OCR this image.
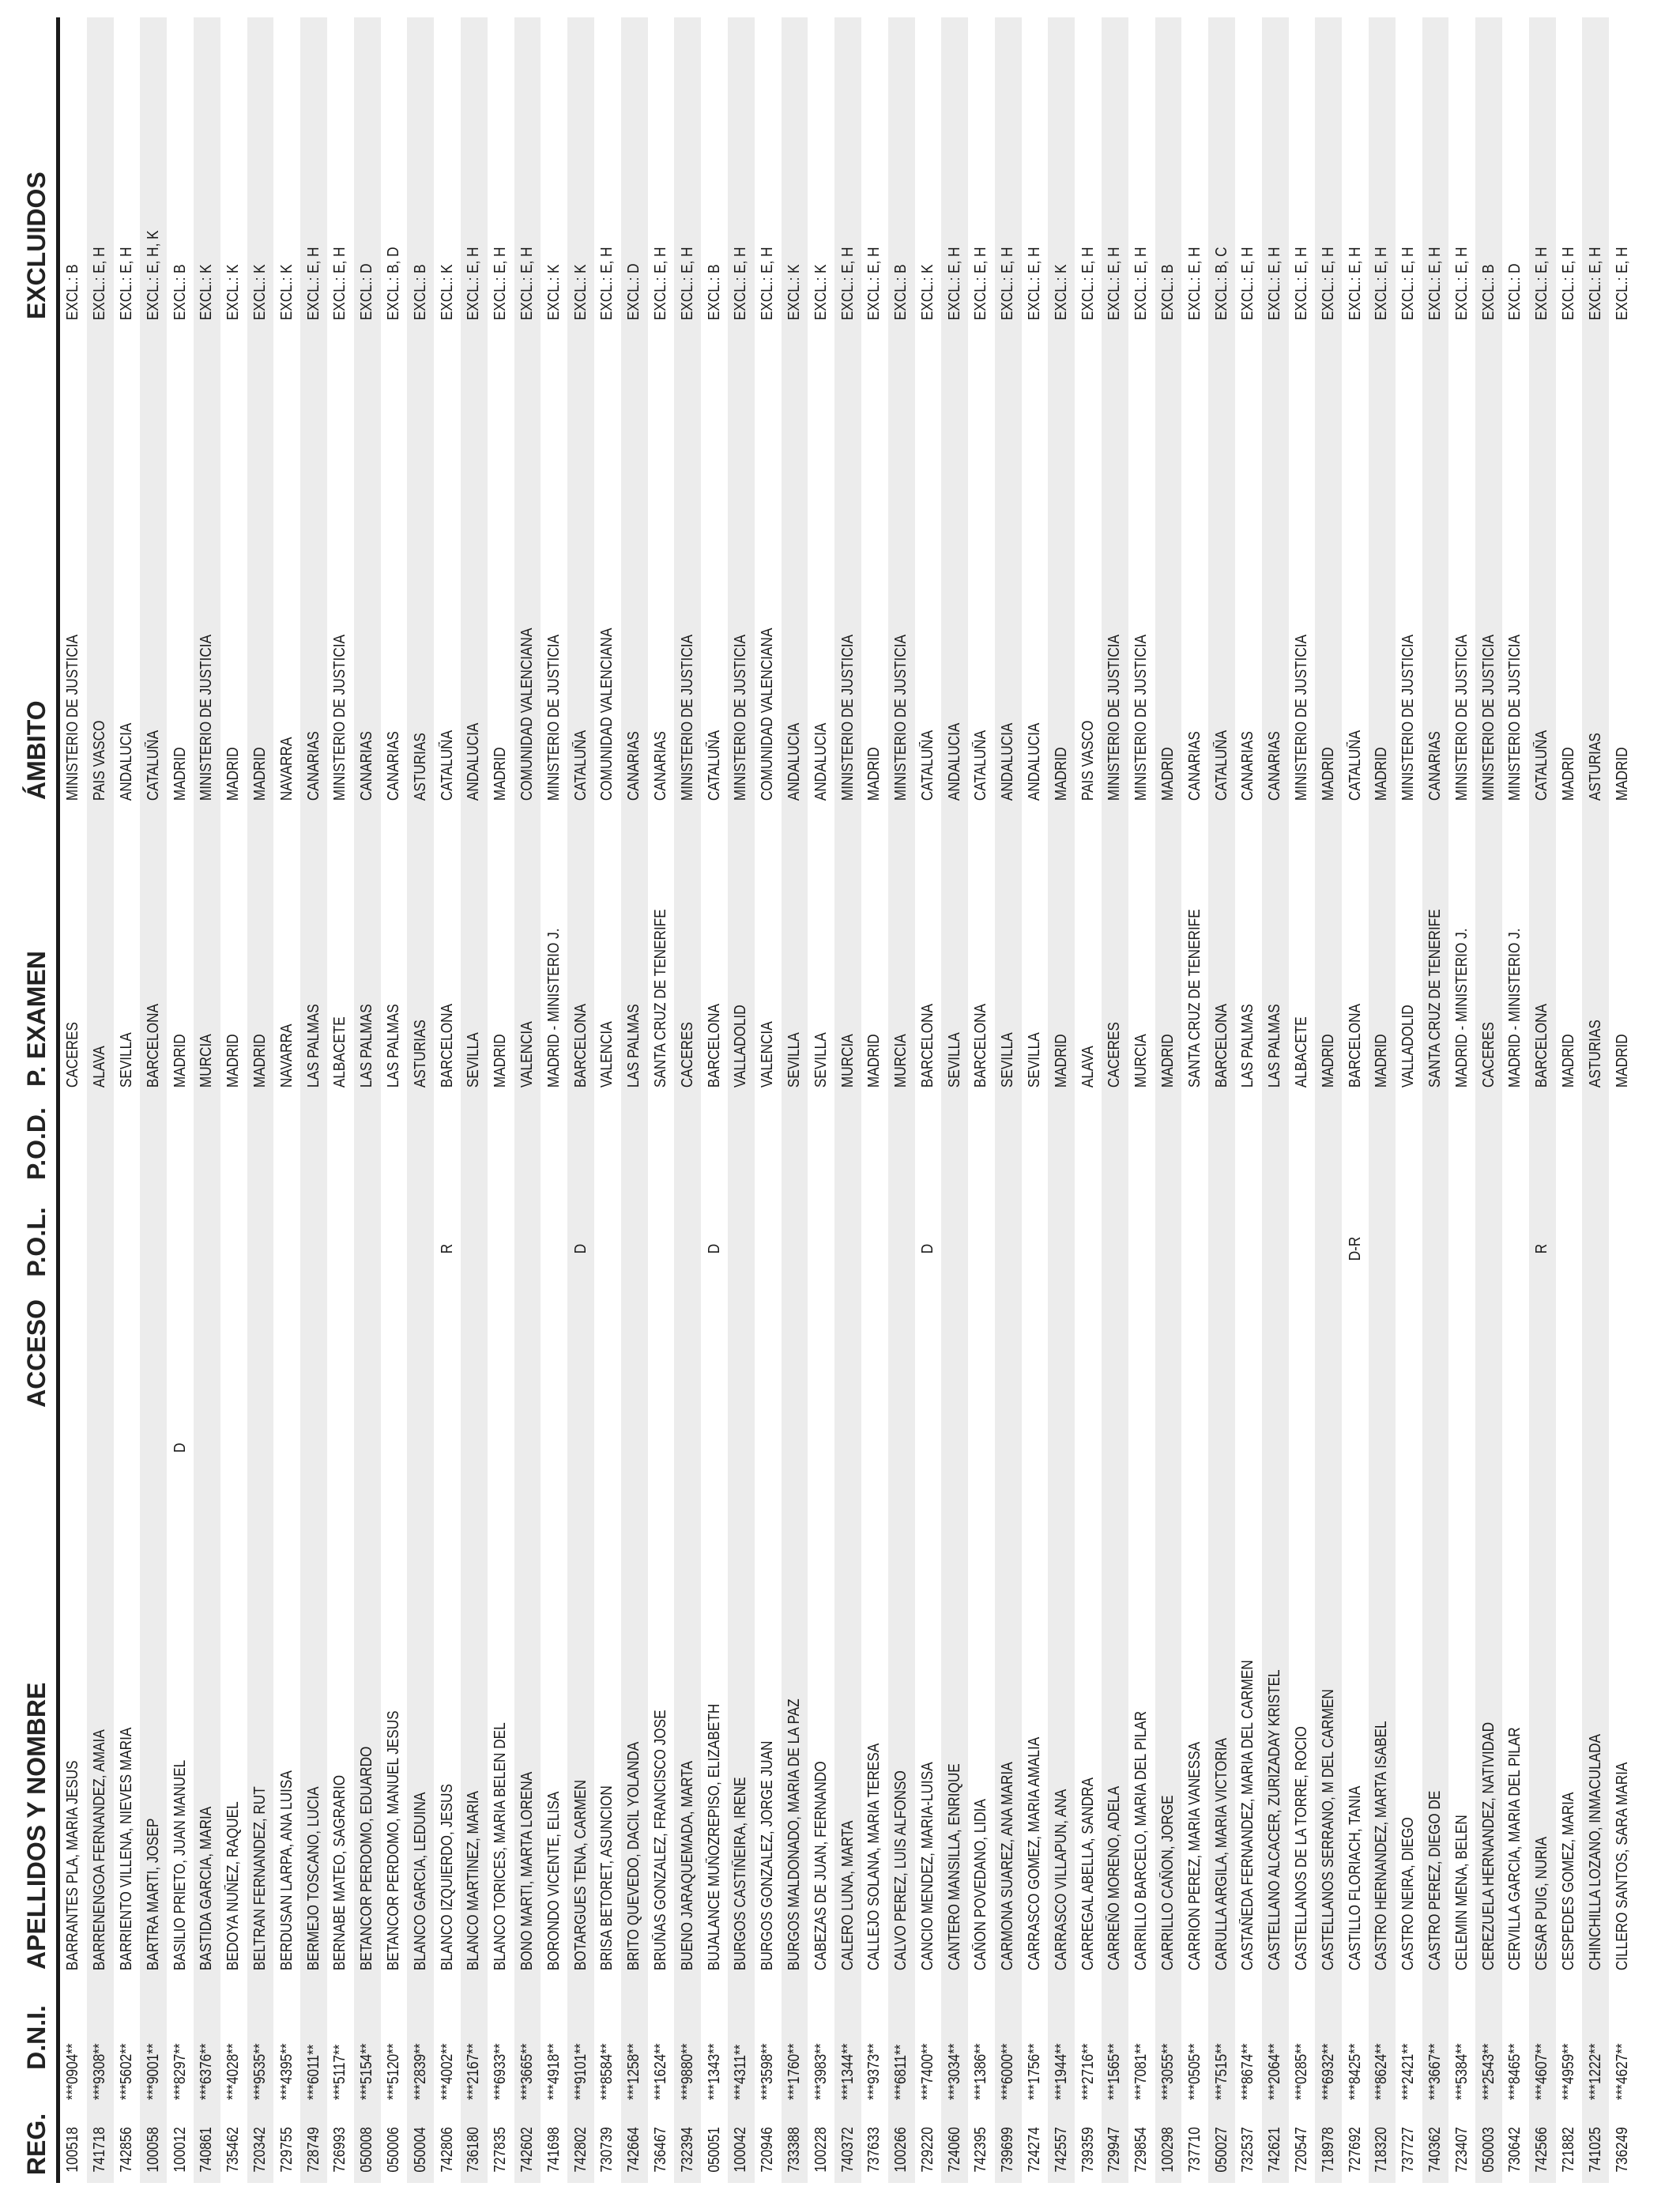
REG.
D.N.I.
APELLIDOS Y NOMBRE
ACCESO
P.O.L.
P.O.D.
P. EXAMEN
ÁMBITO
EXCLUIDOS
100518
***0904**
BARRANTES PLA, MARIA JESUS
CACERES
MINISTERIO DE JUSTICIA
EXCL.: B
741718
***9308**
BARRENENGOA FERNANDEZ, AMAIA
ALAVA
PAIS VASCO
EXCL.: E, H
742856
***5602**
BARRIENTO VILLENA, NIEVES MARIA
SEVILLA
ANDALUCIA
EXCL.: E, H
100058
***9001**
BARTRA MARTI, JOSEP
BARCELONA
CATALUÑA
EXCL.: E, H, K
100012
***8297**
BASILIO PRIETO, JUAN MANUEL
D
MADRID
MADRID
EXCL.: B
740861
***6376**
BASTIDA GARCIA, MARIA
MURCIA
MINISTERIO DE JUSTICIA
EXCL.: K
735462
***4028**
BEDOYA NUÑEZ, RAQUEL
MADRID
MADRID
EXCL.: K
720342
***9535**
BELTRAN FERNANDEZ, RUT
MADRID
MADRID
EXCL.: K
729755
***4395**
BERDUSAN LARPA, ANA LUISA
NAVARRA
NAVARRA
EXCL.: K
728749
***6011**
BERMEJO TOSCANO, LUCIA
LAS PALMAS
CANARIAS
EXCL.: E, H
726993
***5117**
BERNABE MATEO, SAGRARIO
ALBACETE
MINISTERIO DE JUSTICIA
EXCL.: E, H
050008
***5154**
BETANCOR PERDOMO, EDUARDO
LAS PALMAS
CANARIAS
EXCL.: D
050006
***5120**
BETANCOR PERDOMO, MANUEL JESUS
LAS PALMAS
CANARIAS
EXCL.: B, D
050004
***2839**
BLANCO GARCIA, LEDUINA
ASTURIAS
ASTURIAS
EXCL.: B
742806
***4002**
BLANCO IZQUIERDO, JESUS
R
BARCELONA
CATALUÑA
EXCL.: K
736180
***2167**
BLANCO MARTINEZ, MARIA
SEVILLA
ANDALUCIA
EXCL.: E, H
727835
***6933**
BLANCO TORICES, MARIA BELEN DEL
MADRID
MADRID
EXCL.: E, H
742602
***3665**
BONO MARTI, MARTA LORENA
VALENCIA
COMUNIDAD VALENCIANA
EXCL.: E, H
741698
***4918**
BORONDO VICENTE, ELISA
MADRID - MINISTERIO J.
MINISTERIO DE JUSTICIA
EXCL.: K
742802
***9101**
BOTARGUES TENA, CARMEN
D
BARCELONA
CATALUÑA
EXCL.: K
730739
***8584**
BRISA BETORET, ASUNCION
VALENCIA
COMUNIDAD VALENCIANA
EXCL.: E, H
742664
***1258**
BRITO QUEVEDO, DACIL YOLANDA
LAS PALMAS
CANARIAS
EXCL.: D
736467
***1624**
BRUÑAS GONZALEZ, FRANCISCO JOSE
SANTA CRUZ DE TENERIFE
CANARIAS
EXCL.: E, H
732394
***9880**
BUENO JARAQUEMADA, MARTA
CACERES
MINISTERIO DE JUSTICIA
EXCL.: E, H
050051
***1343**
BUJALANCE MUÑOZREPISO, ELIZABETH
D
BARCELONA
CATALUÑA
EXCL.: B
100042
***4311**
BURGOS CASTIÑEIRA, IRENE
VALLADOLID
MINISTERIO DE JUSTICIA
EXCL.: E, H
720946
***3598**
BURGOS GONZALEZ, JORGE JUAN
VALENCIA
COMUNIDAD VALENCIANA
EXCL.: E, H
733388
***1760**
BURGOS MALDONADO, MARIA DE LA PAZ
SEVILLA
ANDALUCIA
EXCL.: K
100228
***3983**
CABEZAS DE JUAN, FERNANDO
SEVILLA
ANDALUCIA
EXCL.: K
740372
***1344**
CALERO LUNA, MARTA
MURCIA
MINISTERIO DE JUSTICIA
EXCL.: E, H
737633
***9373**
CALLEJO SOLANA, MARIA TERESA
MADRID
MADRID
EXCL.: E, H
100266
***6811**
CALVO PEREZ, LUIS ALFONSO
MURCIA
MINISTERIO DE JUSTICIA
EXCL.: B
729220
***7400**
CANCIO MENDEZ, MARIA-LUISA
D
BARCELONA
CATALUÑA
EXCL.: K
724060
***3034**
CANTERO MANSILLA, ENRIQUE
SEVILLA
ANDALUCIA
EXCL.: E, H
742395
***1386**
CAÑON POVEDANO, LIDIA
BARCELONA
CATALUÑA
EXCL.: E, H
739699
***6000**
CARMONA SUAREZ, ANA MARIA
SEVILLA
ANDALUCIA
EXCL.: E, H
724274
***1756**
CARRASCO GOMEZ, MARIA AMALIA
SEVILLA
ANDALUCIA
EXCL.: E, H
742557
***1944**
CARRASCO VILLAPUN, ANA
MADRID
MADRID
EXCL.: K
739359
***2716**
CARREGAL ABELLA, SANDRA
ALAVA
PAIS VASCO
EXCL.: E, H
729947
***1565**
CARREÑO MORENO, ADELA
CACERES
MINISTERIO DE JUSTICIA
EXCL.: E, H
729854
***7081**
CARRILLO BARCELO, MARIA DEL PILAR
MURCIA
MINISTERIO DE JUSTICIA
EXCL.: E, H
100298
***3055**
CARRILLO CAÑON, JORGE
MADRID
MADRID
EXCL.: B
737710
***0505**
CARRION PEREZ, MARIA VANESSA
SANTA CRUZ DE TENERIFE
CANARIAS
EXCL.: E, H
050027
***7515**
CARULLA ARGILA, MARIA VICTORIA
BARCELONA
CATALUÑA
EXCL.: B, C
732537
***8674**
CASTAÑEDA FERNANDEZ, MARIA DEL CARMEN
LAS PALMAS
CANARIAS
EXCL.: E, H
742621
***2064**
CASTELLANO ALCACER, ZURIZADAY KRISTEL
LAS PALMAS
CANARIAS
EXCL.: E, H
720547
***0285**
CASTELLANOS DE LA TORRE, ROCIO
ALBACETE
MINISTERIO DE JUSTICIA
EXCL.: E, H
718978
***6932**
CASTELLANOS SERRANO, M DEL CARMEN
MADRID
MADRID
EXCL.: E, H
727692
***8425**
CASTILLO FLORIACH, TANIA
D-R
BARCELONA
CATALUÑA
EXCL.: E, H
718320
***8624**
CASTRO HERNANDEZ, MARTA ISABEL
MADRID
MADRID
EXCL.: E, H
737727
***2421**
CASTRO NEIRA, DIEGO
VALLADOLID
MINISTERIO DE JUSTICIA
EXCL.: E, H
740362
***3667**
CASTRO PEREZ, DIEGO DE
SANTA CRUZ DE TENERIFE
CANARIAS
EXCL.: E, H
723407
***5384**
CELEMIN MENA, BELEN
MADRID - MINISTERIO J.
MINISTERIO DE JUSTICIA
EXCL.: E, H
050003
***2543**
CEREZUELA HERNANDEZ, NATIVIDAD
CACERES
MINISTERIO DE JUSTICIA
EXCL.: B
730642
***8465**
CERVILLA GARCIA, MARIA DEL PILAR
MADRID - MINISTERIO J.
MINISTERIO DE JUSTICIA
EXCL.: D
742566
***4607**
CESAR PUIG, NURIA
R
BARCELONA
CATALUÑA
EXCL.: E, H
721882
***4959**
CESPEDES GOMEZ, MARIA
MADRID
MADRID
EXCL.: E, H
741025
***1222**
CHINCHILLA LOZANO, INMACULADA
ASTURIAS
ASTURIAS
EXCL.: E, H
736249
***4627**
CILLERO SANTOS, SARA MARIA
MADRID
MADRID
EXCL.: E, H
